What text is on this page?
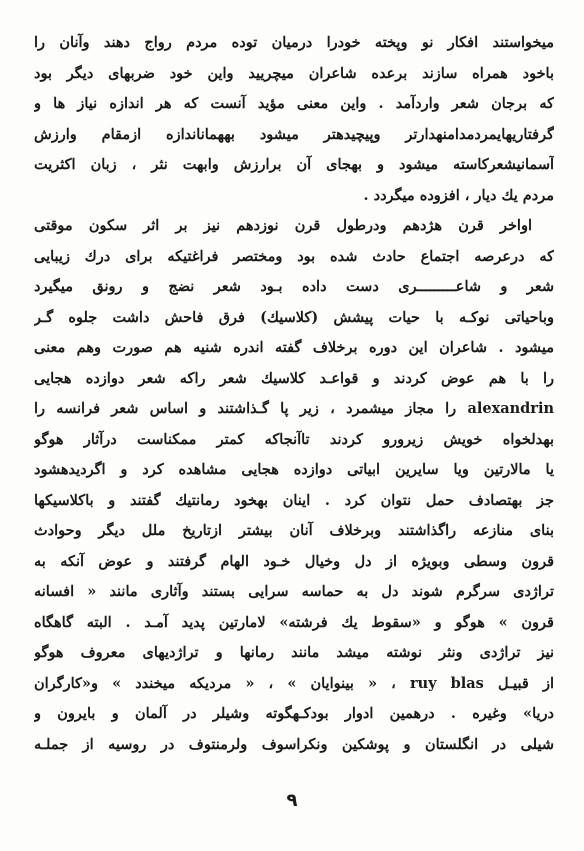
میخواستند افکار نو وپخته خودرا درمیان توده مردم رواج دهند وآنان را
باخود همراه سازند برعده شاعران میچریید واین خود ضربهای دیگر بود
که برجان شعر واردآمد . واین معنی مؤید آنست که هر اندازه نیاز ها و
گرفتاریهایمردمدامنهدارتر وپیچیدهتر میشود بههماناندازه ازمقام وارزش
آسمانیشعرکاسته میشود و بهجای آن برارزش وابهت نثر ، زبان اکثریت
مردم یك دیار ، افزوده میگردد .
اواخر قرن هژدهم ودرطول قرن نوزدهم نیز بر اثر سکون موقتی
که درعرصه اجتماع حادث شده بود ومختصر فراغتیکه برای درك زیبایی
شعر و شاعـــــــــری دست داده بـود شعر نضج و رونق میگیرد
وباحیاتی نوکـه با حیات پیشش (کلاسیك) فرق فاحش داشت جلوه گـر
میشود . شاعران این دوره برخلاف گفته اندره شنیه هم صورت وهم معنی
را با هم عوض کردند و قواعـد کلاسیك شعر راکه شعر دوازده هجایی
alexandrin را مجاز میشمرد ، زیر پا گـذاشتند و اساس شعر فرانسه را
بهدلخواه خویش زیرورو کردند تاآنجاکه کمتر ممکناست درآثار هوگو
یا مالارتین ویا سایرین ابیاتی دوازده هجایی مشاهده کرد و اگردیدهشود
جز بهتصادف حمل نتوان کرد . اینان بهخود رمانتیك گفتند و باکلاسیكها
بنای منازعه راگذاشتند وبرخلاف آنان بیشتر ازتاریخ ملل دیگر وحوادث
قرون وسطی وبویژه از دل وخیال خـود الهام گرفتند و عوض آنکه به
تراژدی سرگرم شوند دل به حماسه سرایی بستند وآثاری مانند « افسانه
قرون » هوگو و «سقوط یك فرشته» لامارتین پدید آمـد . البته گاهگاه
نیز تراژدی ونثر نوشته میشد مانند رمانها و تراژدیهای معروف هوگو
از قبیـل ruy blas ، « بینوایان » ، « مردیکه میخندد » و«کارگران
دریا» وغیره . درهمین ادوار بودکـهگوته وشیلر در آلمان و بایرون و
شیلی در انگلستان و پوشکین ونکراسوف ولرمنتوف در روسیه از جملـه
۹
